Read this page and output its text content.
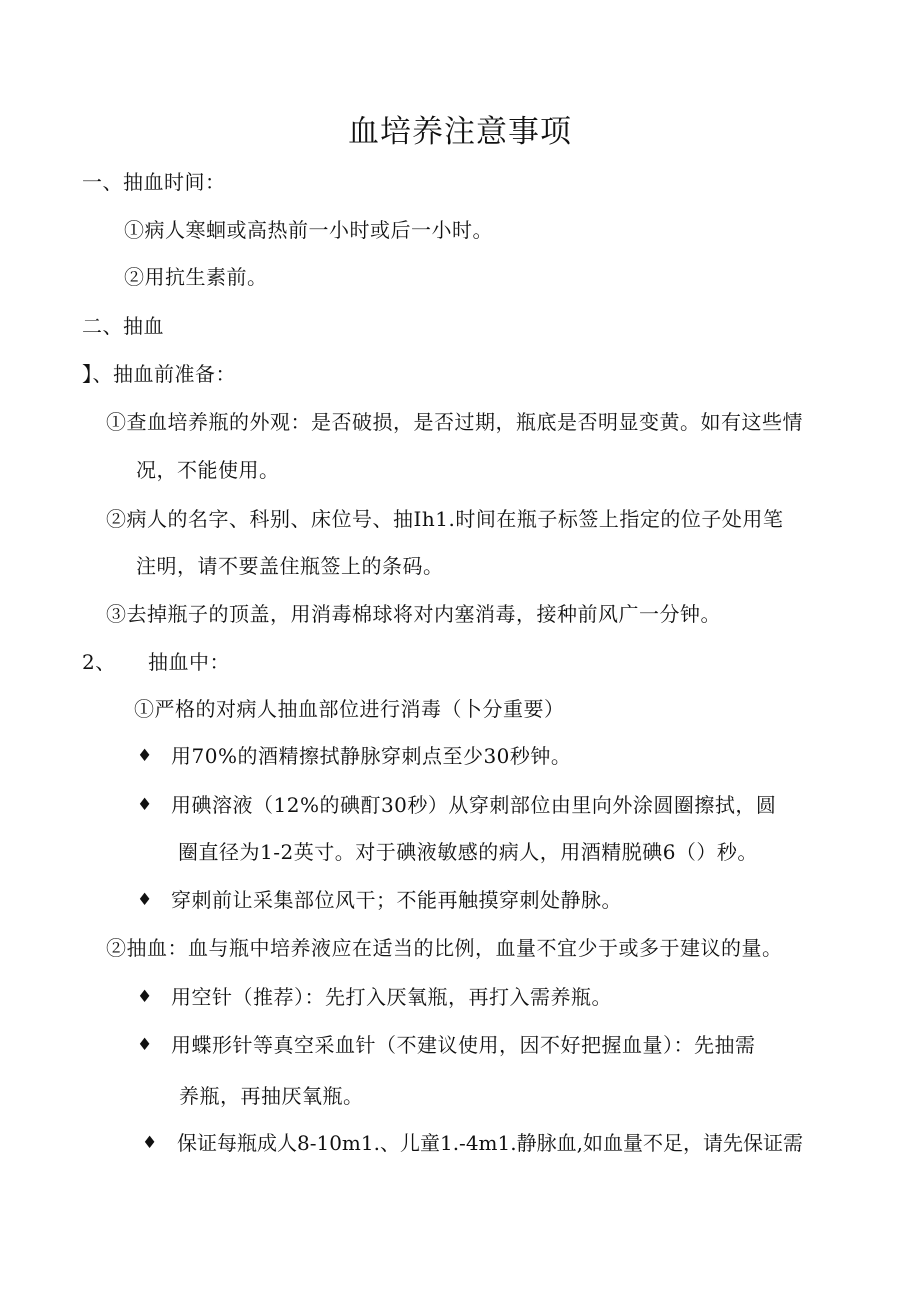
血培养注意事项
一、抽血时间：
①病人寒蛔或高热前一小时或后一小时。
②用抗生素前。
二、抽血
】、抽血前准备：
①查血培养瓶的外观：是否破损，是否过期，瓶底是否明显变黄。如有这些情
况，不能使用。
②病人的名字、科别、床位号、抽Ih1.时间在瓶子标签上指定的位子处用笔
注明，请不要盖住瓶签上的条码。
③去掉瓶子的顶盖，用消毒棉球将对内塞消毒，接种前风广一分钟。
2、 抽血中：
①严格的对病人抽血部位进行消毒（卜分重要）
♦ 用70%的酒精擦拭静脉穿刺点至少30秒钟。
♦ 用碘溶液（12%的碘酊30秒）从穿刺部位由里向外涂圆圈擦拭，圆
圈直径为1-2英寸。对于碘液敏感的病人，用酒精脱碘6（）秒。
♦ 穿刺前让采集部位风干；不能再触摸穿刺处静脉。
②抽血：血与瓶中培养液应在适当的比例，血量不宜少于或多于建议的量。
♦ 用空针（推荐）：先打入厌氧瓶，再打入需养瓶。
♦ 用蝶形针等真空采血针（不建议使用，因不好把握血量）：先抽需
养瓶，再抽厌氧瓶。
♦ 保证每瓶成人8-10m1.、儿童1.-4m1.静脉血,如血量不足，请先保证需
